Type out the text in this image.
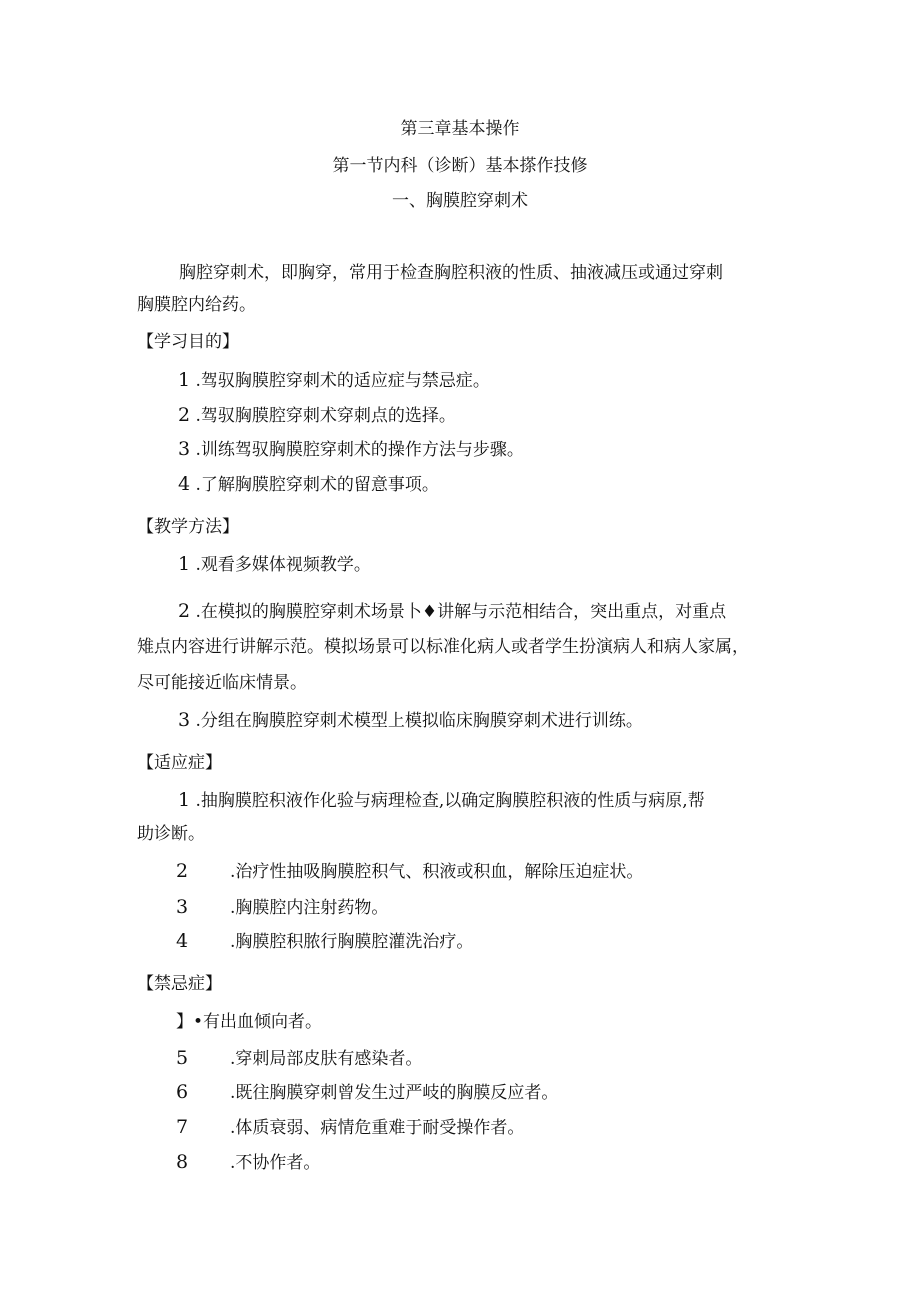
第三章基本操作
第一节内科（诊断）基本搽作技修
一、胸膜腔穿刺术
胸腔穿刺术，即胸穿，常用于检查胸腔积液的性质、抽液减压或通过穿刺
胸膜腔内给药。
【学习目的】
1 .驾驭胸膜腔穿刺术的适应症与禁忌症。
2 .驾驭胸膜腔穿刺术穿刺点的选择。
3 .训练驾驭胸膜腔穿刺术的操作方法与步骤。
4 .了解胸膜腔穿刺术的留意事项。
【教学方法】
1 .观看多媒体视频教学。
2 .在模拟的胸膜腔穿刺术场景卜♦讲解与示范相结合，突出重点，对重点
雉点内容进行讲解示范。模拟场景可以标准化病人或者学生扮演病人和病人家属，
尽可能接近临床情景。
3 .分组在胸膜腔穿刺术模型上模拟临床胸膜穿刺术进行训练。
【适应症】
1 .抽胸膜腔积液作化验与病理检查,以确定胸膜腔积液的性质与病原,帮
助诊断。
2 .治疗性抽吸胸膜腔积气、积液或积血，解除压迫症状。
3 .胸膜腔内注射药物。
4 .胸膜腔积脓行胸膜腔灌洗治疗。
【禁忌症】
】•有出血倾向者。
5 .穿刺局部皮肤有感染者。
6 .既往胸膜穿刺曾发生过严岐的胸膜反应者。
7 .体质衰弱、病情危重难于耐受操作者。
8 .不协作者。
